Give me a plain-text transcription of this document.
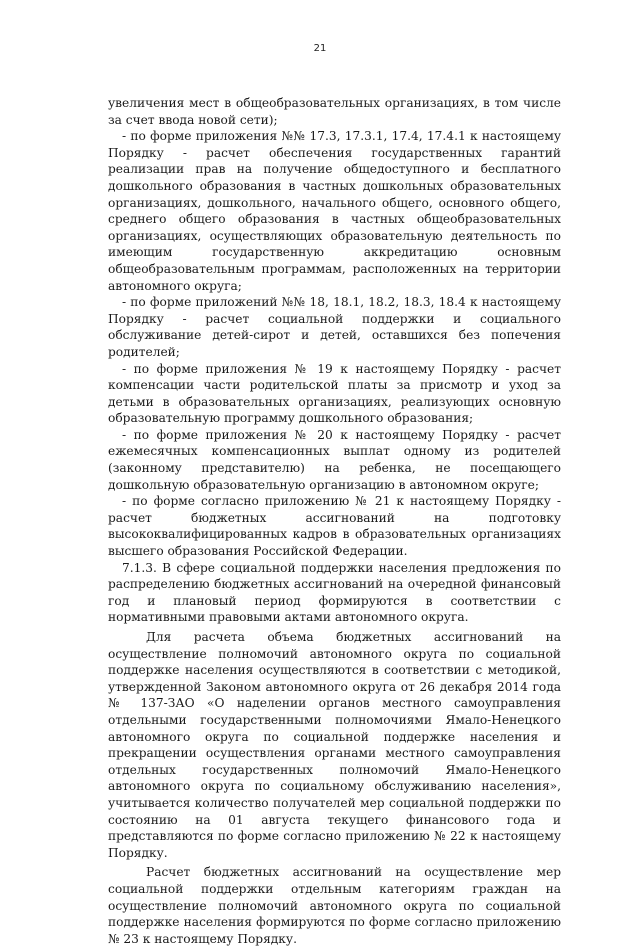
21

увеличения мест в общеобразовательных организациях, в том числе за счет ввода новой сети);

- по форме приложения №№ 17.3, 17.3.1, 17.4, 17.4.1 к настоящему Порядку - расчет обеспечения государственных гарантий реализации прав на получение общедоступного и бесплатного дошкольного образования в частных дошкольных образовательных организациях, дошкольного, начального общего, основного общего, среднего общего образования в частных общеобразовательных организациях, осуществляющих образовательную деятельность по имеющим государственную аккредитацию основным общеобразовательным программам, расположенных на территории автономного округа;

- по форме приложений №№ 18, 18.1, 18.2, 18.3, 18.4 к настоящему Порядку - расчет социальной поддержки и социального обслуживание детей-сирот и детей, оставшихся без попечения родителей;

- по форме приложения № 19 к настоящему Порядку - расчет компенсации части родительской платы за присмотр и уход за детьми в образовательных организациях, реализующих основную образовательную программу дошкольного образования;

- по форме приложения № 20 к настоящему Порядку - расчет ежемесячных компенсационных выплат одному из родителей (законному представителю) на ребенка, не посещающего дошкольную образовательную организацию в автономном округе;

- по форме согласно приложению № 21 к настоящему Порядку - расчет бюджетных ассигнований на подготовку высококвалифицированных кадров в образовательных организациях высшего образования Российской Федерации.

7.1.3. В сфере социальной поддержки населения предложения по распределению бюджетных ассигнований на очередной финансовый год и плановый период формируются в соответствии с нормативными правовыми актами автономного округа.

Для расчета объема бюджетных ассигнований на осуществление полномочий автономного округа по социальной поддержке населения осуществляются в соответствии с методикой, утвержденной Законом автономного округа от 26 декабря 2014 года № 137-ЗАО «О наделении органов местного самоуправления отдельными государственными полномочиями Ямало-Ненецкого автономного округа по социальной поддержке населения и прекращении осуществления органами местного самоуправления отдельных государственных полномочий Ямало-Ненецкого автономного округа по социальному обслуживанию населения», учитывается количество получателей мер социальной поддержки по состоянию на 01 августа текущего финансового года и представляются по форме согласно приложению № 22 к настоящему Порядку.

Расчет бюджетных ассигнований на осуществление мер социальной поддержки отдельным категориям граждан на осуществление полномочий автономного округа по социальной поддержке населения формируются по форме согласно приложению № 23 к настоящему Порядку.
